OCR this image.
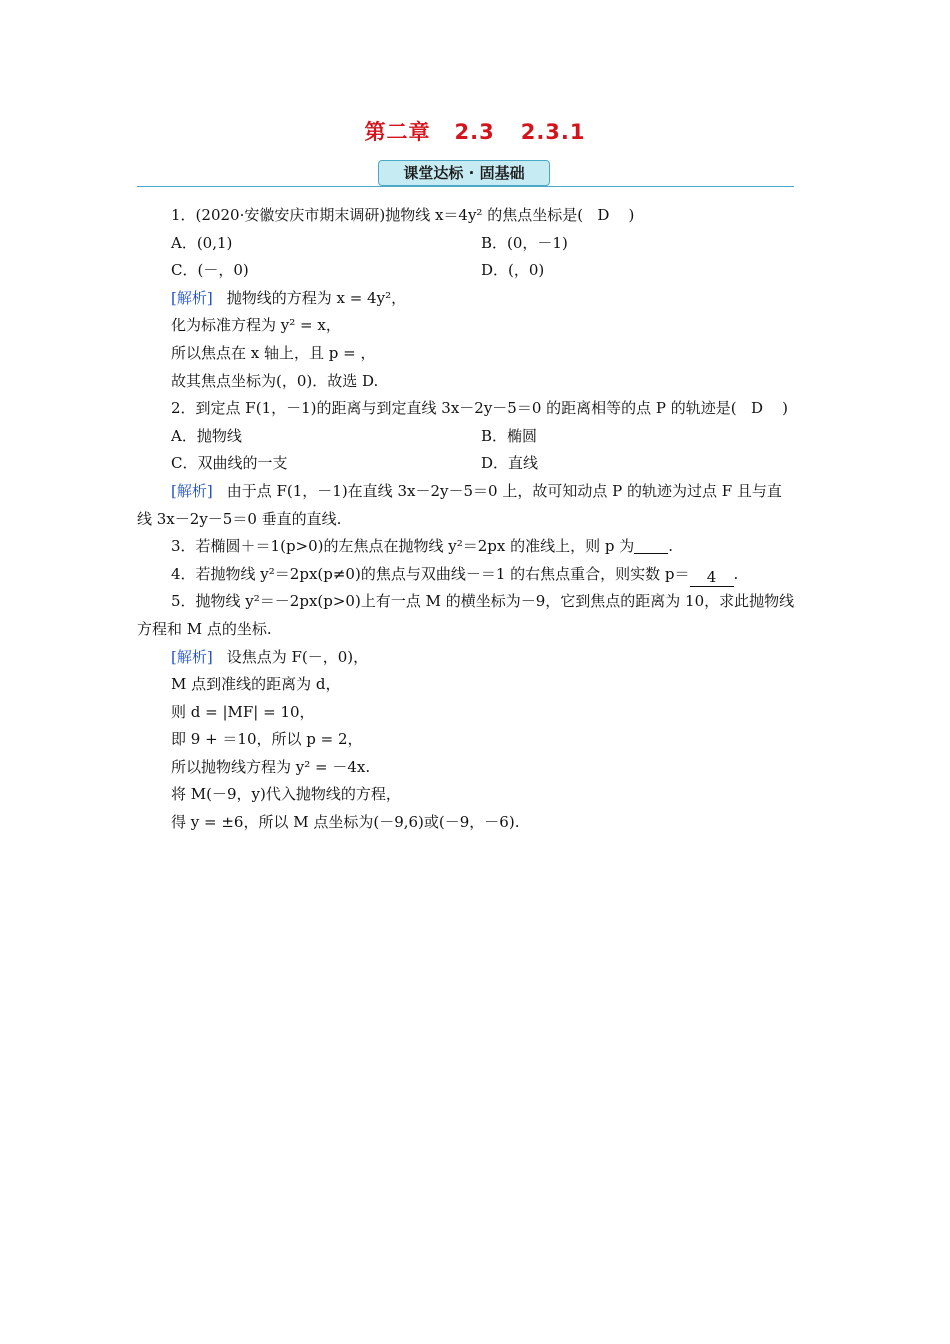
第二章 2.3 2.3.1
课堂达标 · 固基础
1．(2020·安徽安庆市期末调研)抛物线 x＝4y² 的焦点坐标是( D )
A．(0,1)	B．(0，－1)
C．(－，0)	D．(，0)
[解析] 抛物线的方程为 x = 4y²，
化为标准方程为 y² = x，
所以焦点在 x 轴上，且 p = ，
故其焦点坐标为(，0)．故选 D.
2．到定点 F(1，－1)的距离与到定直线 3x－2y－5＝0 的距离相等的点 P 的轨迹是( D )
A．抛物线	B．椭圆
C．双曲线的一支	D．直线
[解析] 由于点 F(1，－1)在直线 3x－2y－5＝0 上，故可知动点 P 的轨迹为过点 F 且与直
线 3x－2y－5＝0 垂直的直线.
3．若椭圆＋＝1(p>0)的左焦点在抛物线 y²＝2px 的准线上，则 p 为 .
4．若抛物线 y²＝2px(p≠0)的焦点与双曲线－＝1 的右焦点重合，则实数 p＝ 4 .
5．抛物线 y²＝－2px(p>0)上有一点 M 的横坐标为－9，它到焦点的距离为 10，求此抛物线
方程和 M 点的坐标.
[解析] 设焦点为 F(－，0)，
M 点到准线的距离为 d，
则 d = |MF| = 10，
即 9 + ＝10，所以 p = 2，
所以抛物线方程为 y² = －4x.
将 M(－9，y)代入抛物线的方程，
得 y = ±6，所以 M 点坐标为(－9,6)或(－9，－6).
